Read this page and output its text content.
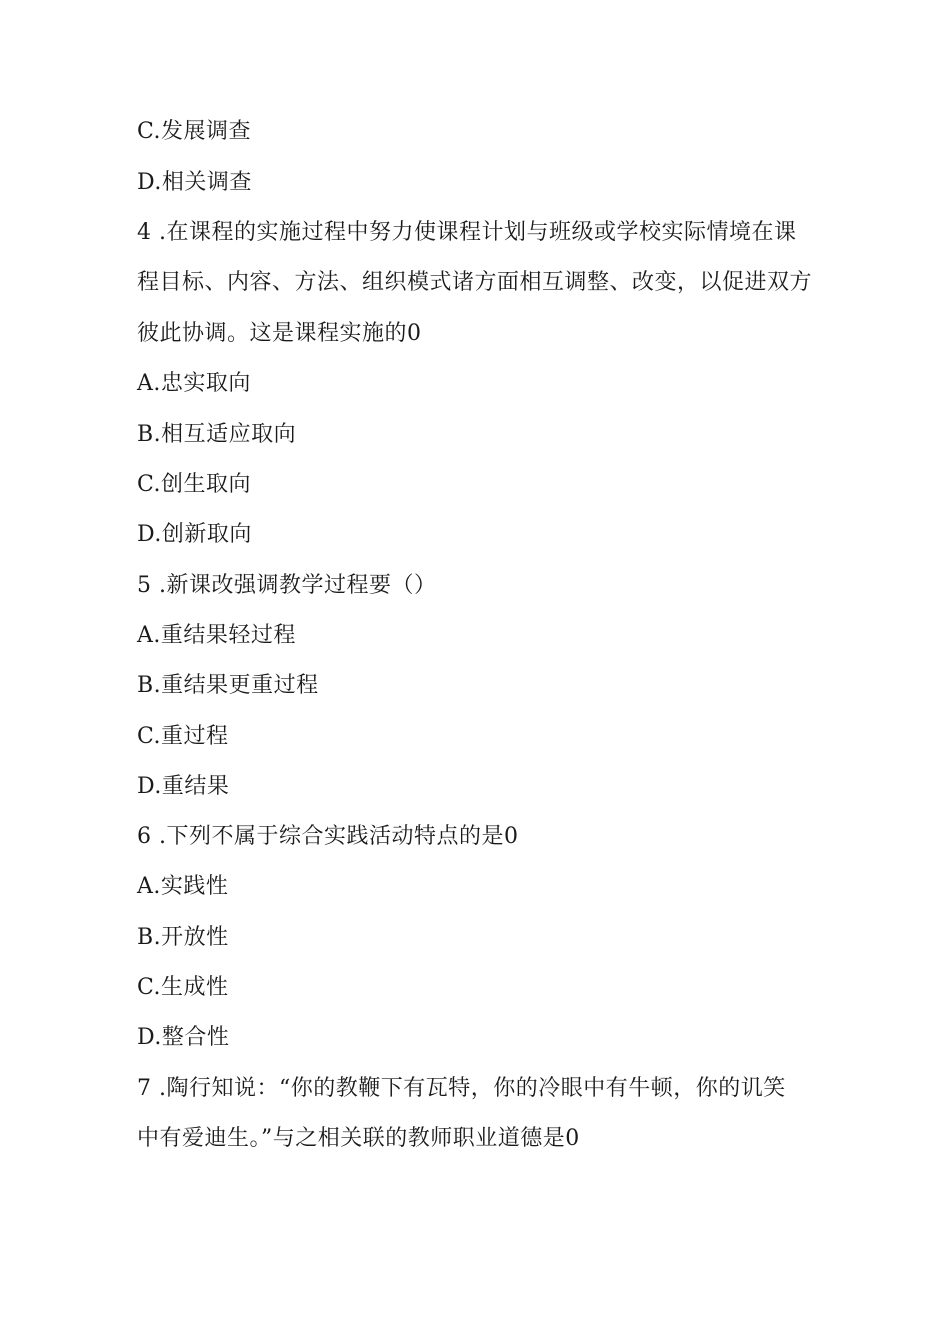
C.发展调查
D.相关调查
4 .在课程的实施过程中努力使课程计划与班级或学校实际情境在课
程目标、内容、方法、组织模式诸方面相互调整、改变，以促进双方
彼此协调。这是课程实施的0
A.忠实取向
B.相互适应取向
C.创生取向
D.创新取向
5 .新课改强调教学过程要（）
A.重结果轻过程
B.重结果更重过程
C.重过程
D.重结果
6 .下列不属于综合实践活动特点的是0
A.实践性
B.开放性
C.生成性
D.整合性
7 .陶行知说：“你的教鞭下有瓦特，你的冷眼中有牛顿，你的讥笑
中有爱迪生。”与之相关联的教师职业道德是0
